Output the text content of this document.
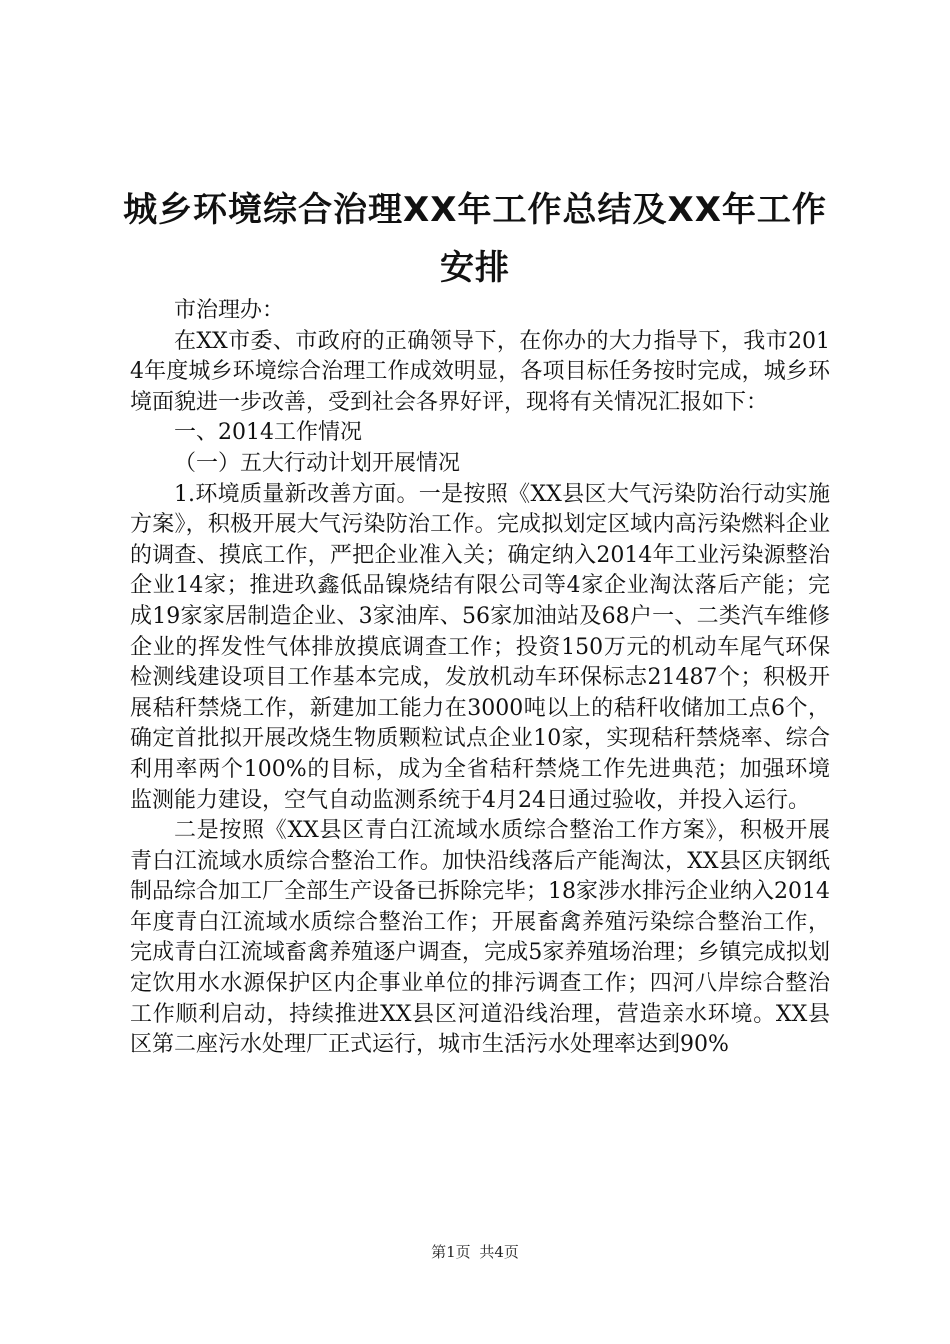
城乡环境综合治理XX年工作总结及XX年工作
安排

市治理办：

在XX市委、市政府的正确领导下，在你办的大力指导下，我市2014年度城乡环境综合治理工作成效明显，各项目标任务按时完成，城乡环境面貌进一步改善，受到社会各界好评，现将有关情况汇报如下：

一、2014工作情况

（一）五大行动计划开展情况

1.环境质量新改善方面。一是按照《XX县区大气污染防治行动实施方案》，积极开展大气污染防治工作。完成拟划定区域内高污染燃料企业的调查、摸底工作，严把企业准入关；确定纳入2014年工业污染源整治企业14家；推进玖鑫低品镍烧结有限公司等4家企业淘汰落后产能；完成19家家居制造企业、3家油库、56家加油站及68户一、二类汽车维修企业的挥发性气体排放摸底调查工作；投资150万元的机动车尾气环保检测线建设项目工作基本完成，发放机动车环保标志21487个；积极开展秸秆禁烧工作，新建加工能力在3000吨以上的秸秆收储加工点6个，确定首批拟开展改烧生物质颗粒试点企业10家，实现秸秆禁烧率、综合利用率两个100%的目标，成为全省秸秆禁烧工作先进典范；加强环境监测能力建设，空气自动监测系统于4月24日通过验收，并投入运行。

二是按照《XX县区青白江流域水质综合整治工作方案》，积极开展青白江流域水质综合整治工作。加快沿线落后产能淘汰，XX县区庆钢纸制品综合加工厂全部生产设备已拆除完毕；18家涉水排污企业纳入2014年度青白江流域水质综合整治工作；开展畜禽养殖污染综合整治工作，完成青白江流域畜禽养殖逐户调查，完成5家养殖场治理；乡镇完成拟划定饮用水水源保护区内企事业单位的排污调查工作；四河八岸综合整治工作顺利启动，持续推进XX县区河道沿线治理，营造亲水环境。XX县区第二座污水处理厂正式运行，城市生活污水处理率达到90%

第1页 共4页
